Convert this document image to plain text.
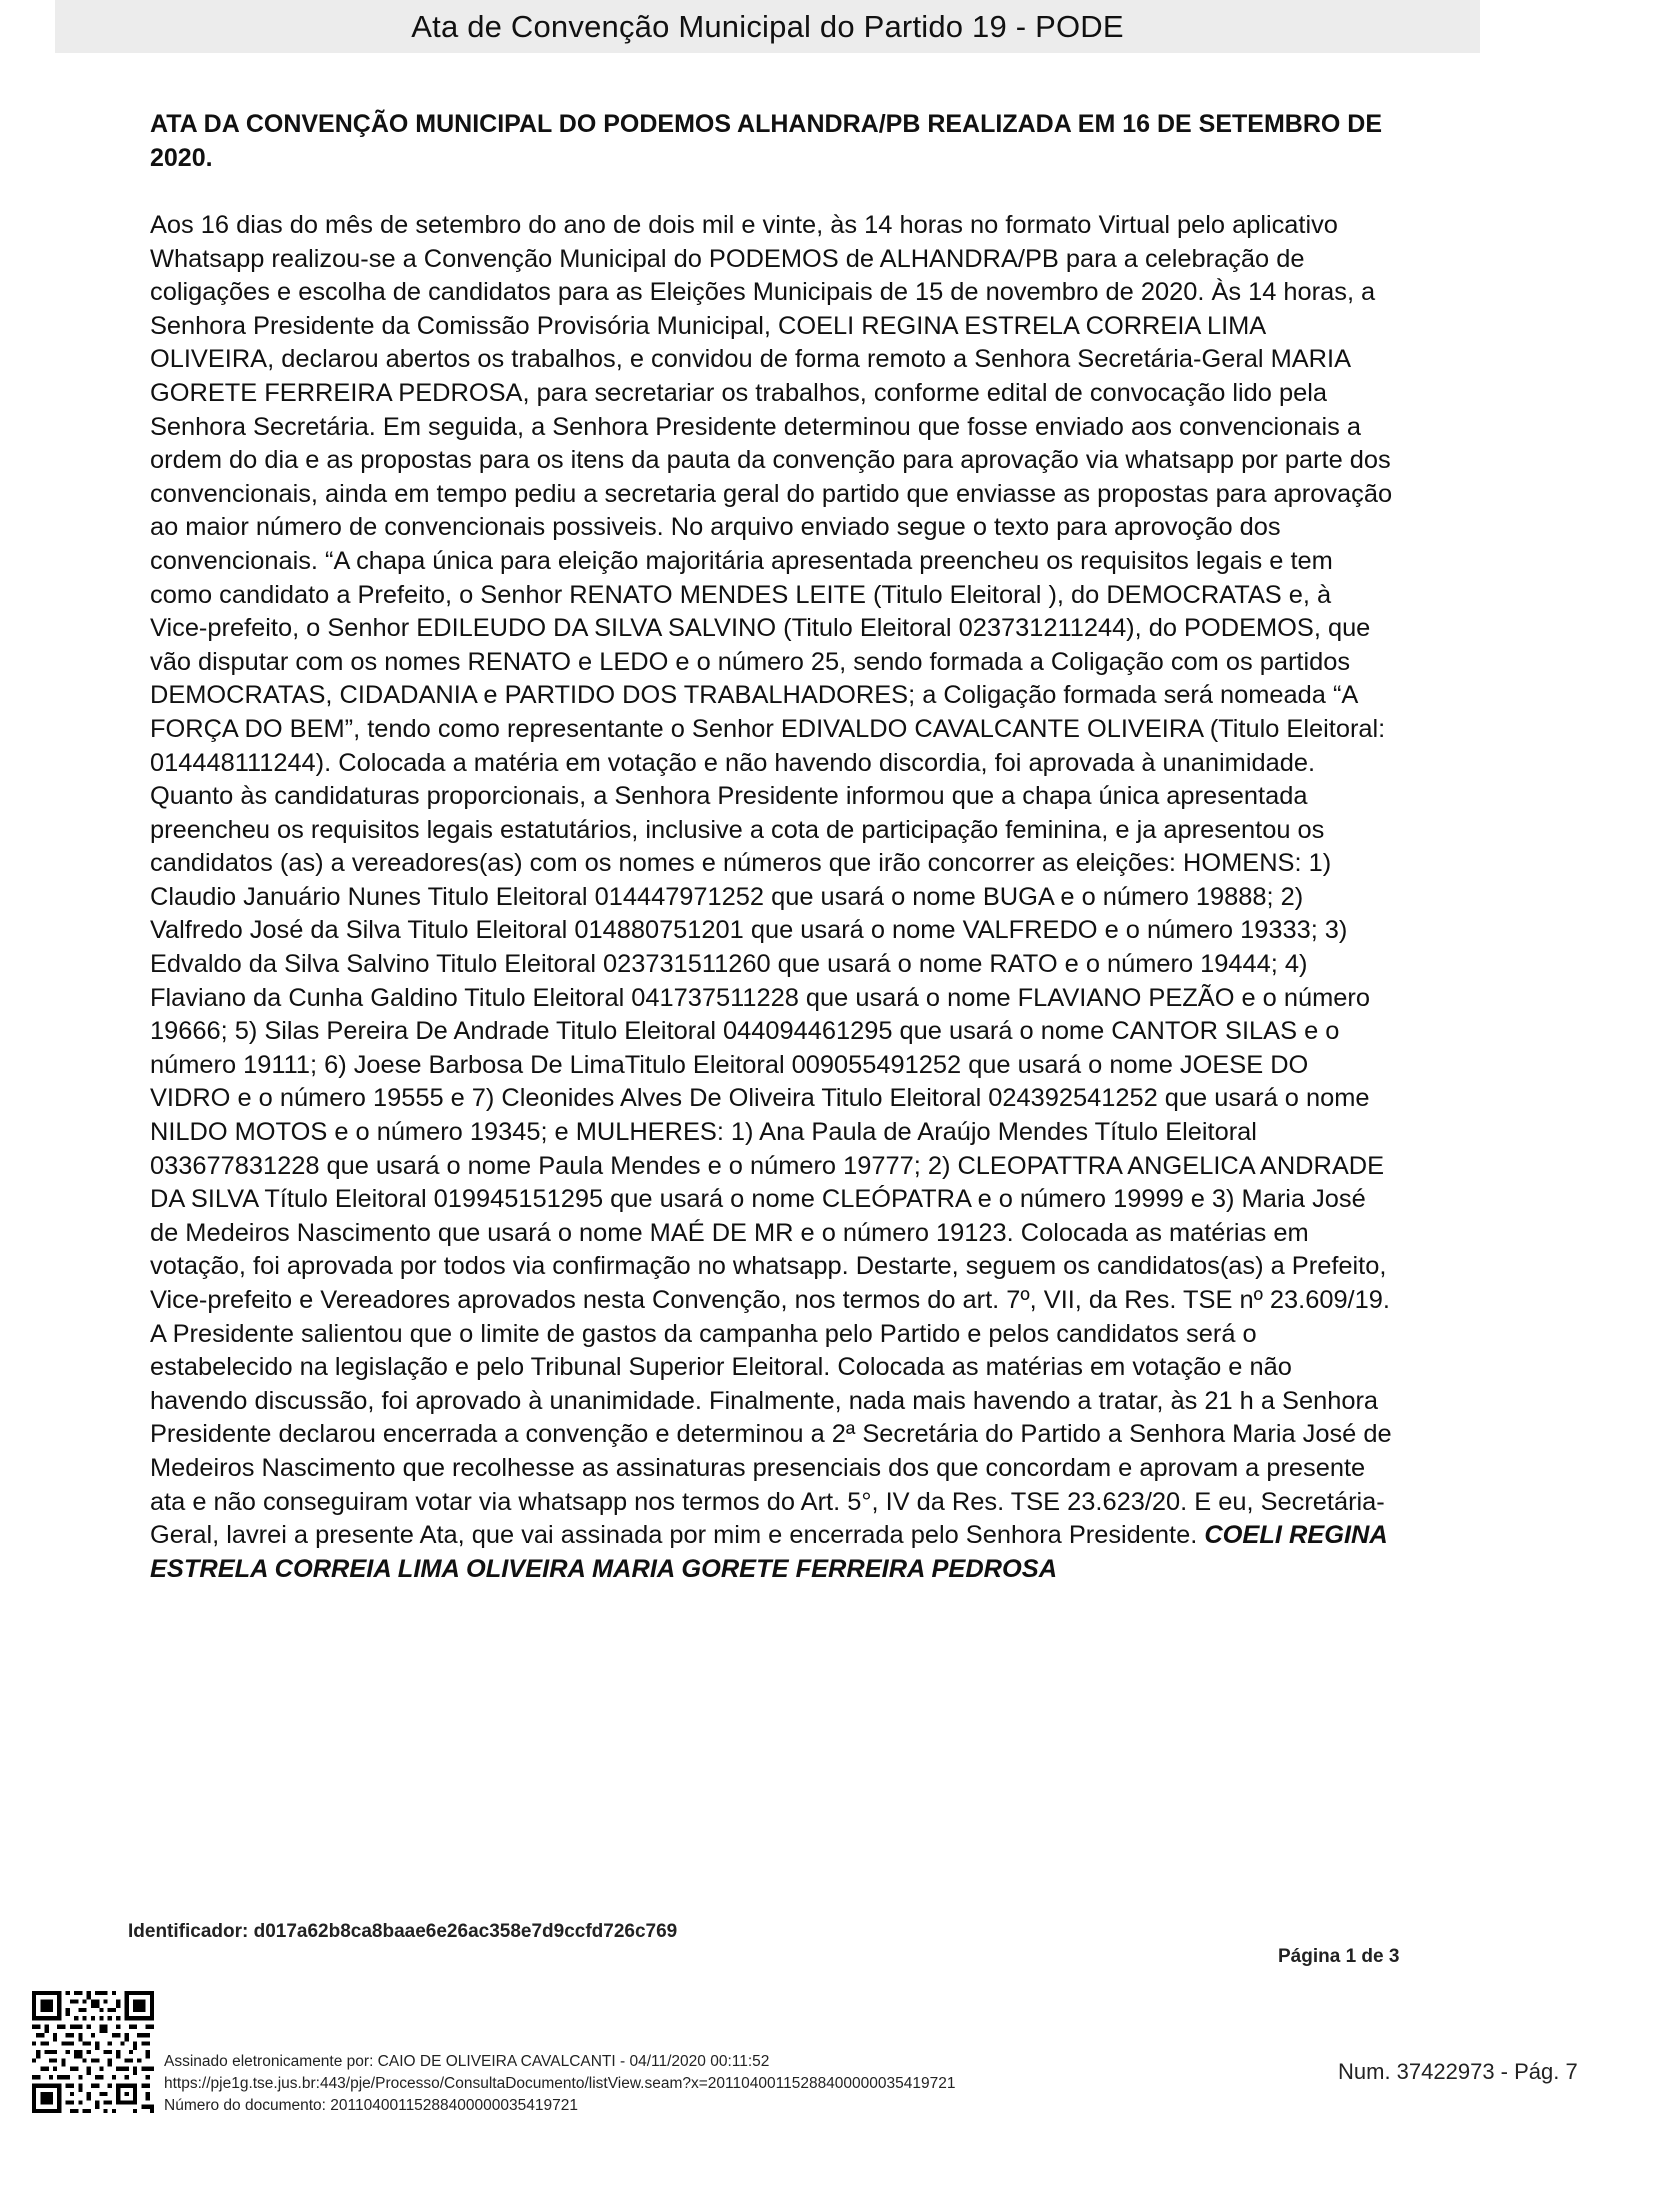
Ata de Convenção Municipal do Partido 19 - PODE

ATA DA CONVENÇÃO MUNICIPAL DO PODEMOS ALHANDRA/PB REALIZADA EM 16 DE SETEMBRO DE 2020.

Aos 16 dias do mês de setembro do ano de dois mil e vinte, às 14 horas no formato Virtual pelo aplicativo Whatsapp realizou-se a Convenção Municipal do PODEMOS de ALHANDRA/PB para a celebração de coligações e escolha de candidatos para as Eleições Municipais de 15 de novembro de 2020. Às 14 horas, a Senhora Presidente da Comissão Provisória Municipal, COELI REGINA ESTRELA CORREIA LIMA OLIVEIRA, declarou abertos os trabalhos, e convidou de forma remoto a Senhora Secretária-Geral MARIA GORETE FERREIRA PEDROSA, para secretariar os trabalhos, conforme edital de convocação lido pela Senhora Secretária. Em seguida, a Senhora Presidente determinou que fosse enviado aos convencionais a ordem do dia e as propostas para os itens da pauta da convenção para aprovação via whatsapp por parte dos convencionais, ainda em tempo pediu a secretaria geral do partido que enviasse as propostas para aprovação ao maior número de convencionais possiveis. No arquivo enviado segue o texto para aprovoção dos convencionais. “A chapa única para eleição majoritária apresentada preencheu os requisitos legais e tem como candidato a Prefeito, o Senhor RENATO MENDES LEITE (Titulo Eleitoral ), do DEMOCRATAS e, à Vice-prefeito, o Senhor EDILEUDO DA SILVA SALVINO (Titulo Eleitoral 023731211244), do PODEMOS, que vão disputar com os nomes RENATO e LEDO e o número 25, sendo formada a Coligação com os partidos DEMOCRATAS, CIDADANIA e PARTIDO DOS TRABALHADORES; a Coligação formada será nomeada “A FORÇA DO BEM”, tendo como representante o Senhor EDIVALDO CAVALCANTE OLIVEIRA (Titulo Eleitoral: 014448111244). Colocada a matéria em votação e não havendo discordia, foi aprovada à unanimidade. Quanto às candidaturas proporcionais, a Senhora Presidente informou que a chapa única apresentada preencheu os requisitos legais estatutários, inclusive a cota de participação feminina, e ja apresentou os candidatos (as) a vereadores(as) com os nomes e números que irão concorrer as eleições: HOMENS: 1) Claudio Januário Nunes Titulo Eleitoral 014447971252 que usará o nome BUGA e o número 19888; 2) Valfredo José da Silva Titulo Eleitoral 014880751201 que usará o nome VALFREDO e o número 19333; 3) Edvaldo da Silva Salvino Titulo Eleitoral 023731511260 que usará o nome RATO e o número 19444; 4) Flaviano da Cunha Galdino Titulo Eleitoral 041737511228 que usará o nome FLAVIANO PEZÃO e o número 19666; 5) Silas Pereira De Andrade Titulo Eleitoral 044094461295 que usará o nome CANTOR SILAS e o número 19111; 6) Joese Barbosa De LimaTitulo Eleitoral 009055491252 que usará o nome JOESE DO VIDRO e o número 19555 e 7) Cleonides Alves De Oliveira Titulo Eleitoral 024392541252 que usará o nome NILDO MOTOS e o número 19345; e MULHERES: 1) Ana Paula de Araújo Mendes Título Eleitoral 033677831228 que usará o nome Paula Mendes e o número 19777; 2) CLEOPATTRA ANGELICA ANDRADE DA SILVA Título Eleitoral 019945151295 que usará o nome CLEÓPATRA e o número 19999 e 3) Maria José de Medeiros Nascimento que usará o nome MAÉ DE MR e o número 19123. Colocada as matérias em votação, foi aprovada por todos via confirmação no whatsapp. Destarte, seguem os candidatos(as) a Prefeito, Vice-prefeito e Vereadores aprovados nesta Convenção, nos termos do art. 7º, VII, da Res. TSE nº 23.609/19. A Presidente salientou que o limite de gastos da campanha pelo Partido e pelos candidatos será o estabelecido na legislação e pelo Tribunal Superior Eleitoral. Colocada as matérias em votação e não havendo discussão, foi aprovado à unanimidade. Finalmente, nada mais havendo a tratar, às 21 h a Senhora Presidente declarou encerrada a convenção e determinou a 2ª Secretária do Partido a Senhora Maria José de Medeiros Nascimento que recolhesse as assinaturas presenciais dos que concordam e aprovam a presente ata e não conseguiram votar via whatsapp nos termos do Art. 5°, IV da Res. TSE 23.623/20. E eu, Secretária-Geral, lavrei a presente Ata, que vai assinada por mim e encerrada pelo Senhora Presidente. COELI REGINA ESTRELA CORREIA LIMA OLIVEIRA MARIA GORETE FERREIRA PEDROSA

Identificador: d017a62b8ca8baae6e26ac358e7d9ccfd726c769
Página 1 de 3
Assinado eletronicamente por: CAIO DE OLIVEIRA CAVALCANTI - 04/11/2020 00:11:52
https://pje1g.tse.jus.br:443/pje/Processo/ConsultaDocumento/listView.seam?x=20110400115288400000035419721
Número do documento: 20110400115288400000035419721
Num. 37422973 - Pág. 7
